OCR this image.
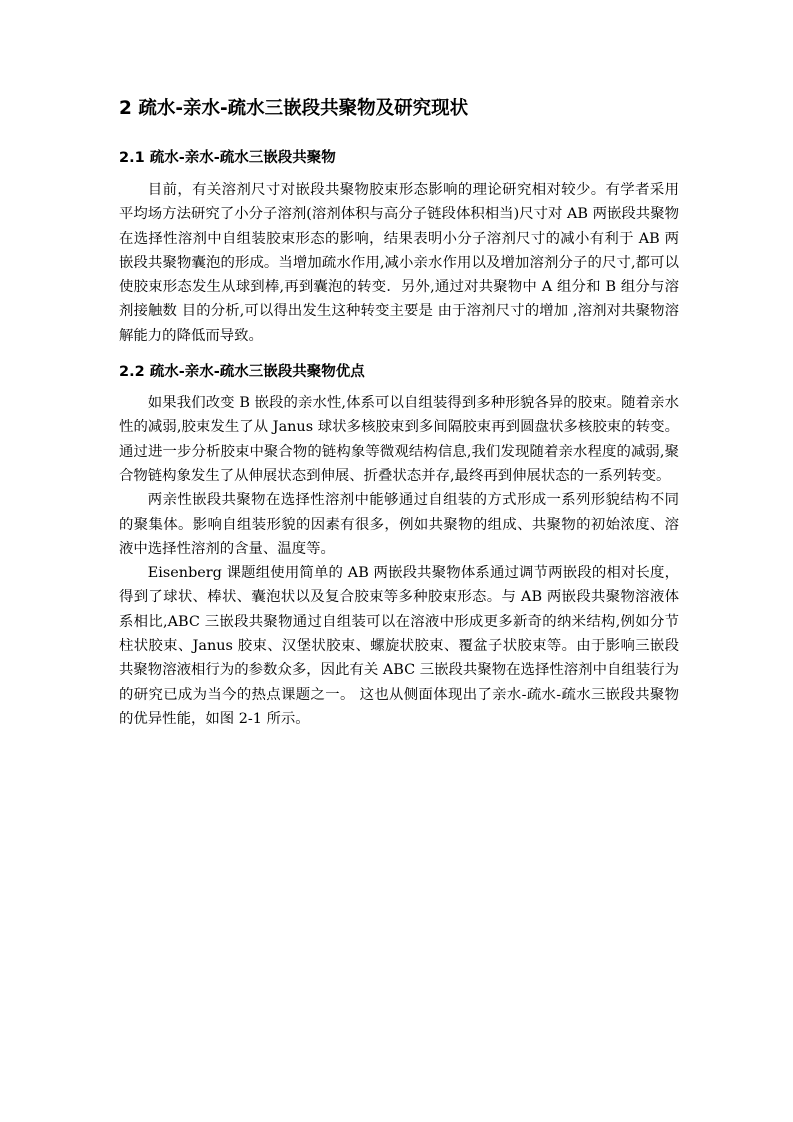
2 疏水-亲水-疏水三嵌段共聚物及研究现状
2.1 疏水-亲水-疏水三嵌段共聚物

目前，有关溶剂尺寸对嵌段共聚物胶束形态影响的理论研究相对较少。有学者采用平均场方法研究了小分子溶剂(溶剂体积与高分子链段体积相当)尺寸对 AB 两嵌段共聚物在选择性溶剂中自组装胶束形态的影响，结果表明小分子溶剂尺寸的减小有利于 AB 两嵌段共聚物囊泡的形成。当增加疏水作用,减小亲水作用以及增加溶剂分子的尺寸,都可以使胶束形态发生从球到棒,再到囊泡的转变．另外,通过对共聚物中 A 组分和 B 组分与溶剂接触数 目的分析,可以得出发生这种转变主要是 由于溶剂尺寸的增加 ,溶剂对共聚物溶解能力的降低而导致。

2.2 疏水-亲水-疏水三嵌段共聚物优点

如果我们改变 B 嵌段的亲水性,体系可以自组装得到多种形貌各异的胶束。随着亲水性的减弱,胶束发生了从 Janus 球状多核胶束到多间隔胶束再到圆盘状多核胶束的转变。通过进一步分析胶束中聚合物的链构象等微观结构信息,我们发现随着亲水程度的减弱,聚合物链构象发生了从伸展状态到伸展、折叠状态并存,最终再到伸展状态的一系列转变。

两亲性嵌段共聚物在选择性溶剂中能够通过自组装的方式形成一系列形貌结构不同的聚集体。影响自组装形貌的因素有很多，例如共聚物的组成、共聚物的初始浓度、溶液中选择性溶剂的含量、温度等。

Eisenberg 课题组使用简单的 AB 两嵌段共聚物体系通过调节两嵌段的相对长度，得到了球状、棒状、囊泡状以及复合胶束等多种胶束形态。与 AB 两嵌段共聚物溶液体系相比,ABC 三嵌段共聚物通过自组装可以在溶液中形成更多新奇的纳米结构,例如分节柱状胶束、Janus 胶束、汉堡状胶束、螺旋状胶束、覆盆子状胶束等。由于影响三嵌段共聚物溶液相行为的参数众多，因此有关 ABC 三嵌段共聚物在选择性溶剂中自组装行为的研究已成为当今的热点课题之一。 这也从侧面体现出了亲水-疏水-疏水三嵌段共聚物的优异性能，如图 2-1 所示。
